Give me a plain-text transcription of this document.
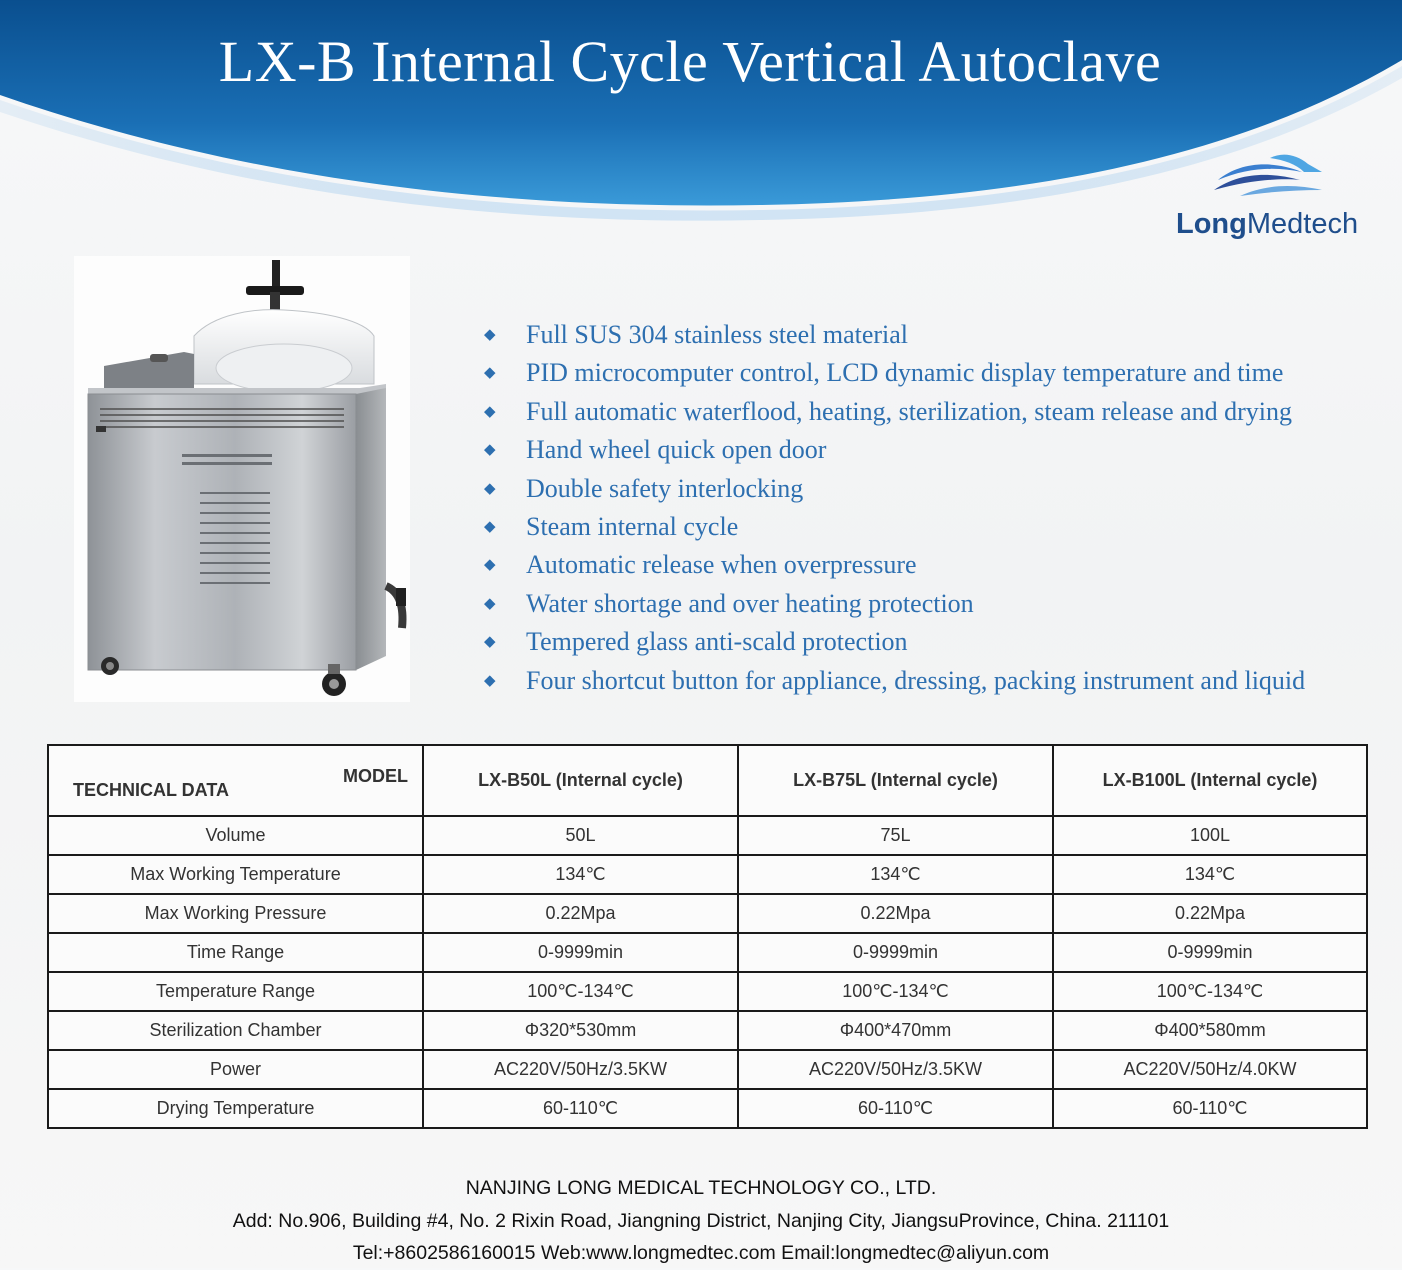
LX-B Internal Cycle Vertical Autoclave
LongMedtech
◆ Full SUS 304 stainless steel material
◆ PID microcomputer control, LCD dynamic display temperature and time
◆ Full automatic waterflood, heating, sterilization, steam release and drying
◆ Hand wheel quick open door
◆ Double safety interlocking
◆ Steam internal cycle
◆ Automatic release when overpressure
◆ Water shortage and over heating protection
◆ Tempered glass anti-scald protection
◆ Four shortcut button for appliance, dressing, packing instrument and liquid
MODEL
TECHNICAL DATA	LX-B50L (Internal cycle)	LX-B75L (Internal cycle)	LX-B100L (Internal cycle)
Volume	50L	75L	100L
Max Working Temperature	134℃	134℃	134℃
Max Working Pressure	0.22Mpa	0.22Mpa	0.22Mpa
Time Range	0-9999min	0-9999min	0-9999min
Temperature Range	100℃-134℃	100℃-134℃	100℃-134℃
Sterilization Chamber	Φ320*530mm	Φ400*470mm	Φ400*580mm
Power	AC220V/50Hz/3.5KW	AC220V/50Hz/3.5KW	AC220V/50Hz/4.0KW
Drying Temperature	60-110℃	60-110℃	60-110℃
NANJING LONG MEDICAL TECHNOLOGY CO., LTD.
Add: No.906, Building #4, No. 2 Rixin Road, Jiangning District, Nanjing City, JiangsuProvince, China. 211101
Tel:+8602586160015 Web:www.longmedtec.com Email:longmedtec@aliyun.com
